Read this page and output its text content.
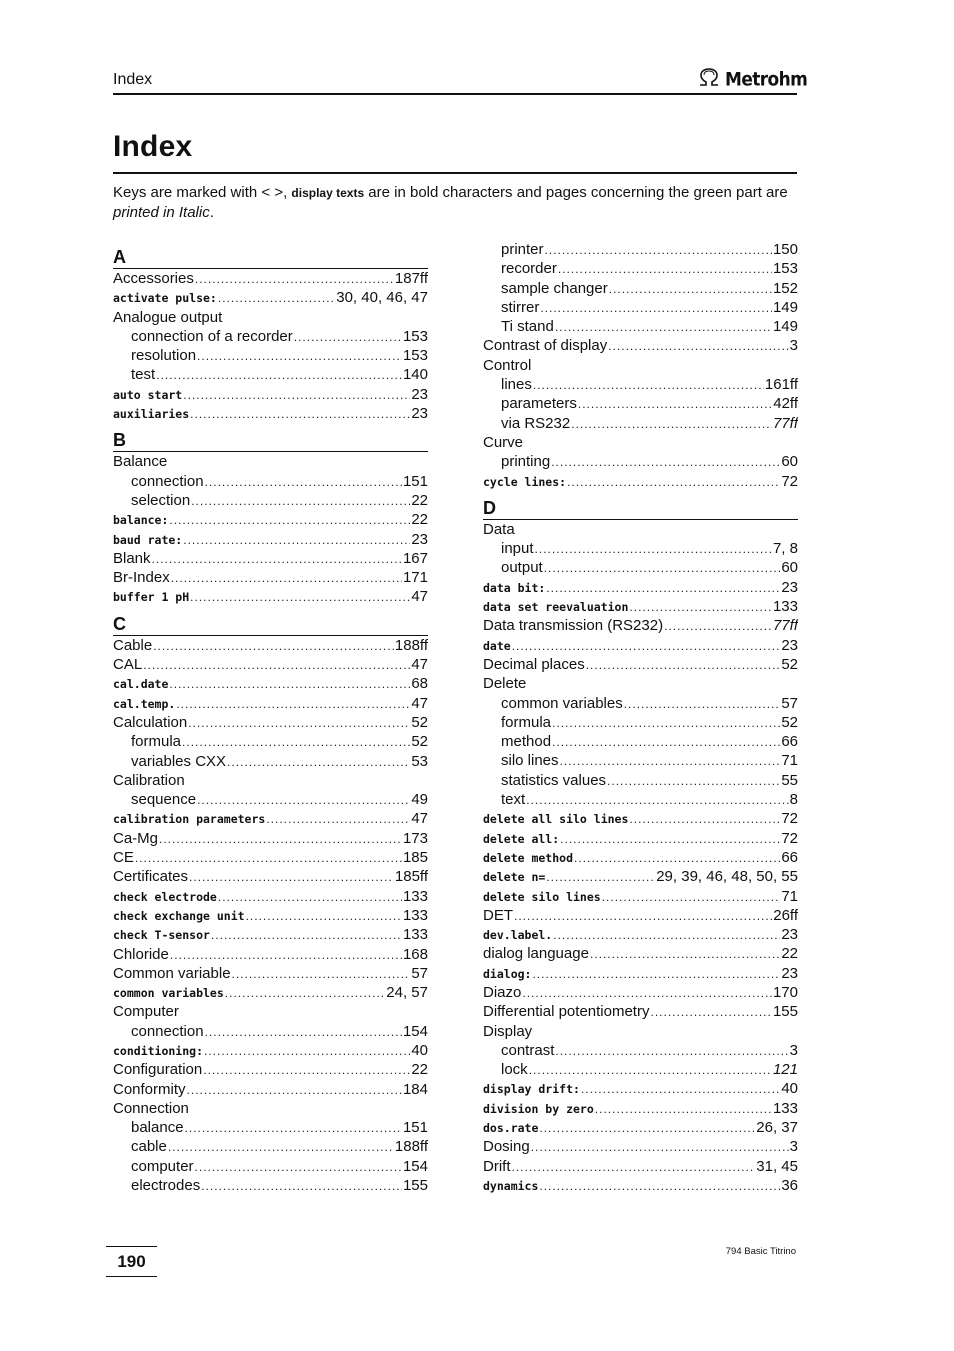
Index	Metrohm
Index

Keys are marked with < >, display texts are in bold characters and pages concerning the green part are printed in Italic.

A
Accessories .....	187ff
activate pulse: .....	30, 40, 46, 47
Analogue output
connection of a recorder .....	153
resolution .....	153
test .....	140
auto start .....	23
auxiliaries .....	23
B
Balance
connection .....	151
selection .....	22
balance: .....	22
baud rate: .....	23
Blank .....	167
Br-Index .....	171
buffer 1 pH .....	47
C
Cable .....	188ff
CAL .....	47
cal.date .....	68
cal.temp. .....	47
Calculation .....	52
formula .....	52
variables CXX .....	53
Calibration
sequence .....	49
calibration parameters .....	47
Ca-Mg .....	173
CE .....	185
Certificates .....	185ff
check electrode .....	133
check exchange unit .....	133
check T-sensor .....	133
Chloride .....	168
Common variable .....	57
common variables .....	24, 57
Computer
connection .....	154
conditioning: .....	40
Configuration .....	22
Conformity .....	184
Connection
balance .....	151
cable .....	188ff
computer .....	154
electrodes .....	155
printer .....	150
recorder .....	153
sample changer .....	152
stirrer .....	149
Ti stand .....	149
Contrast of display .....	3
Control
lines .....	161ff
parameters .....	42ff
via RS232 .....	77ff
Curve
printing .....	60
cycle lines: .....	72
D
Data
input .....	7, 8
output .....	60
data bit: .....	23
data set reevaluation .....	133
Data transmission (RS232) .....	77ff
date .....	23
Decimal places .....	52
Delete
common variables .....	57
formula .....	52
method .....	66
silo lines .....	71
statistics values .....	55
text .....	8
delete all silo lines .....	72
delete all: .....	72
delete method .....	66
delete n= .....	29, 39, 46, 48, 50, 55
delete silo lines .....	71
DET .....	26ff
dev.label. .....	23
dialog language .....	22
dialog: .....	23
Diazo .....	170
Differential potentiometry .....	155
Display
contrast .....	3
lock .....	121
display drift: .....	40
division by zero .....	133
dos.rate .....	26, 37
Dosing .....	3
Drift .....	31, 45
dynamics .....	36
190	794 Basic Titrino
